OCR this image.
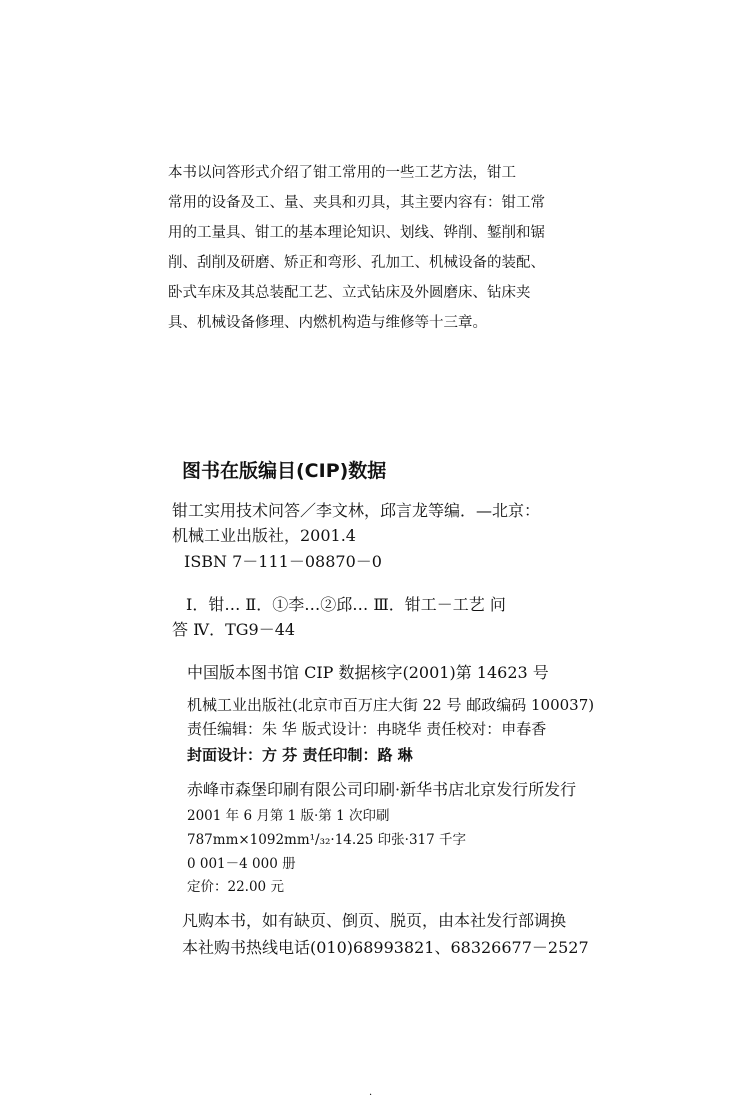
本书以问答形式介绍了钳工常用的一些工艺方法，钳工
常用的设备及工、量、夹具和刃具，其主要内容有：钳工常
用的工量具、钳工的基本理论知识、划线、铧削、錾削和锯
削、刮削及研磨、矫正和弯形、孔加工、机械设备的装配、
卧式车床及其总装配工艺、立式钻床及外圆磨床、钻床夹
具、机械设备修理、内燃机构造与维修等十三章。
图书在版编目(CIP)数据
钳工实用技术问答／李文林，邱言龙等编．—北京：
机械工业出版社，2001.4
ISBN 7－111－08870－0
Ⅰ．钳… Ⅱ．①李…②邱… Ⅲ．钳工－工艺 问
答 Ⅳ．TG9－44
中国版本图书馆 CIP 数据核字(2001)第 14623 号
机械工业出版社(北京市百万庄大街 22 号 邮政编码 100037)
责任编辑：朱 华 版式设计：冉晓华 责任校对：申春香
封面设计：方 芬 责任印制：路 琳
赤峰市森堡印刷有限公司印刷·新华书店北京发行所发行
2001 年 6 月第 1 版·第 1 次印刷
787mm×1092mm¹/₃₂·14.25 印张·317 千字
0 001－4 000 册
定价：22.00 元
凡购本书，如有缺页、倒页、脱页，由本社发行部调换
本社购书热线电话(010)68993821、68326677－2527
·
